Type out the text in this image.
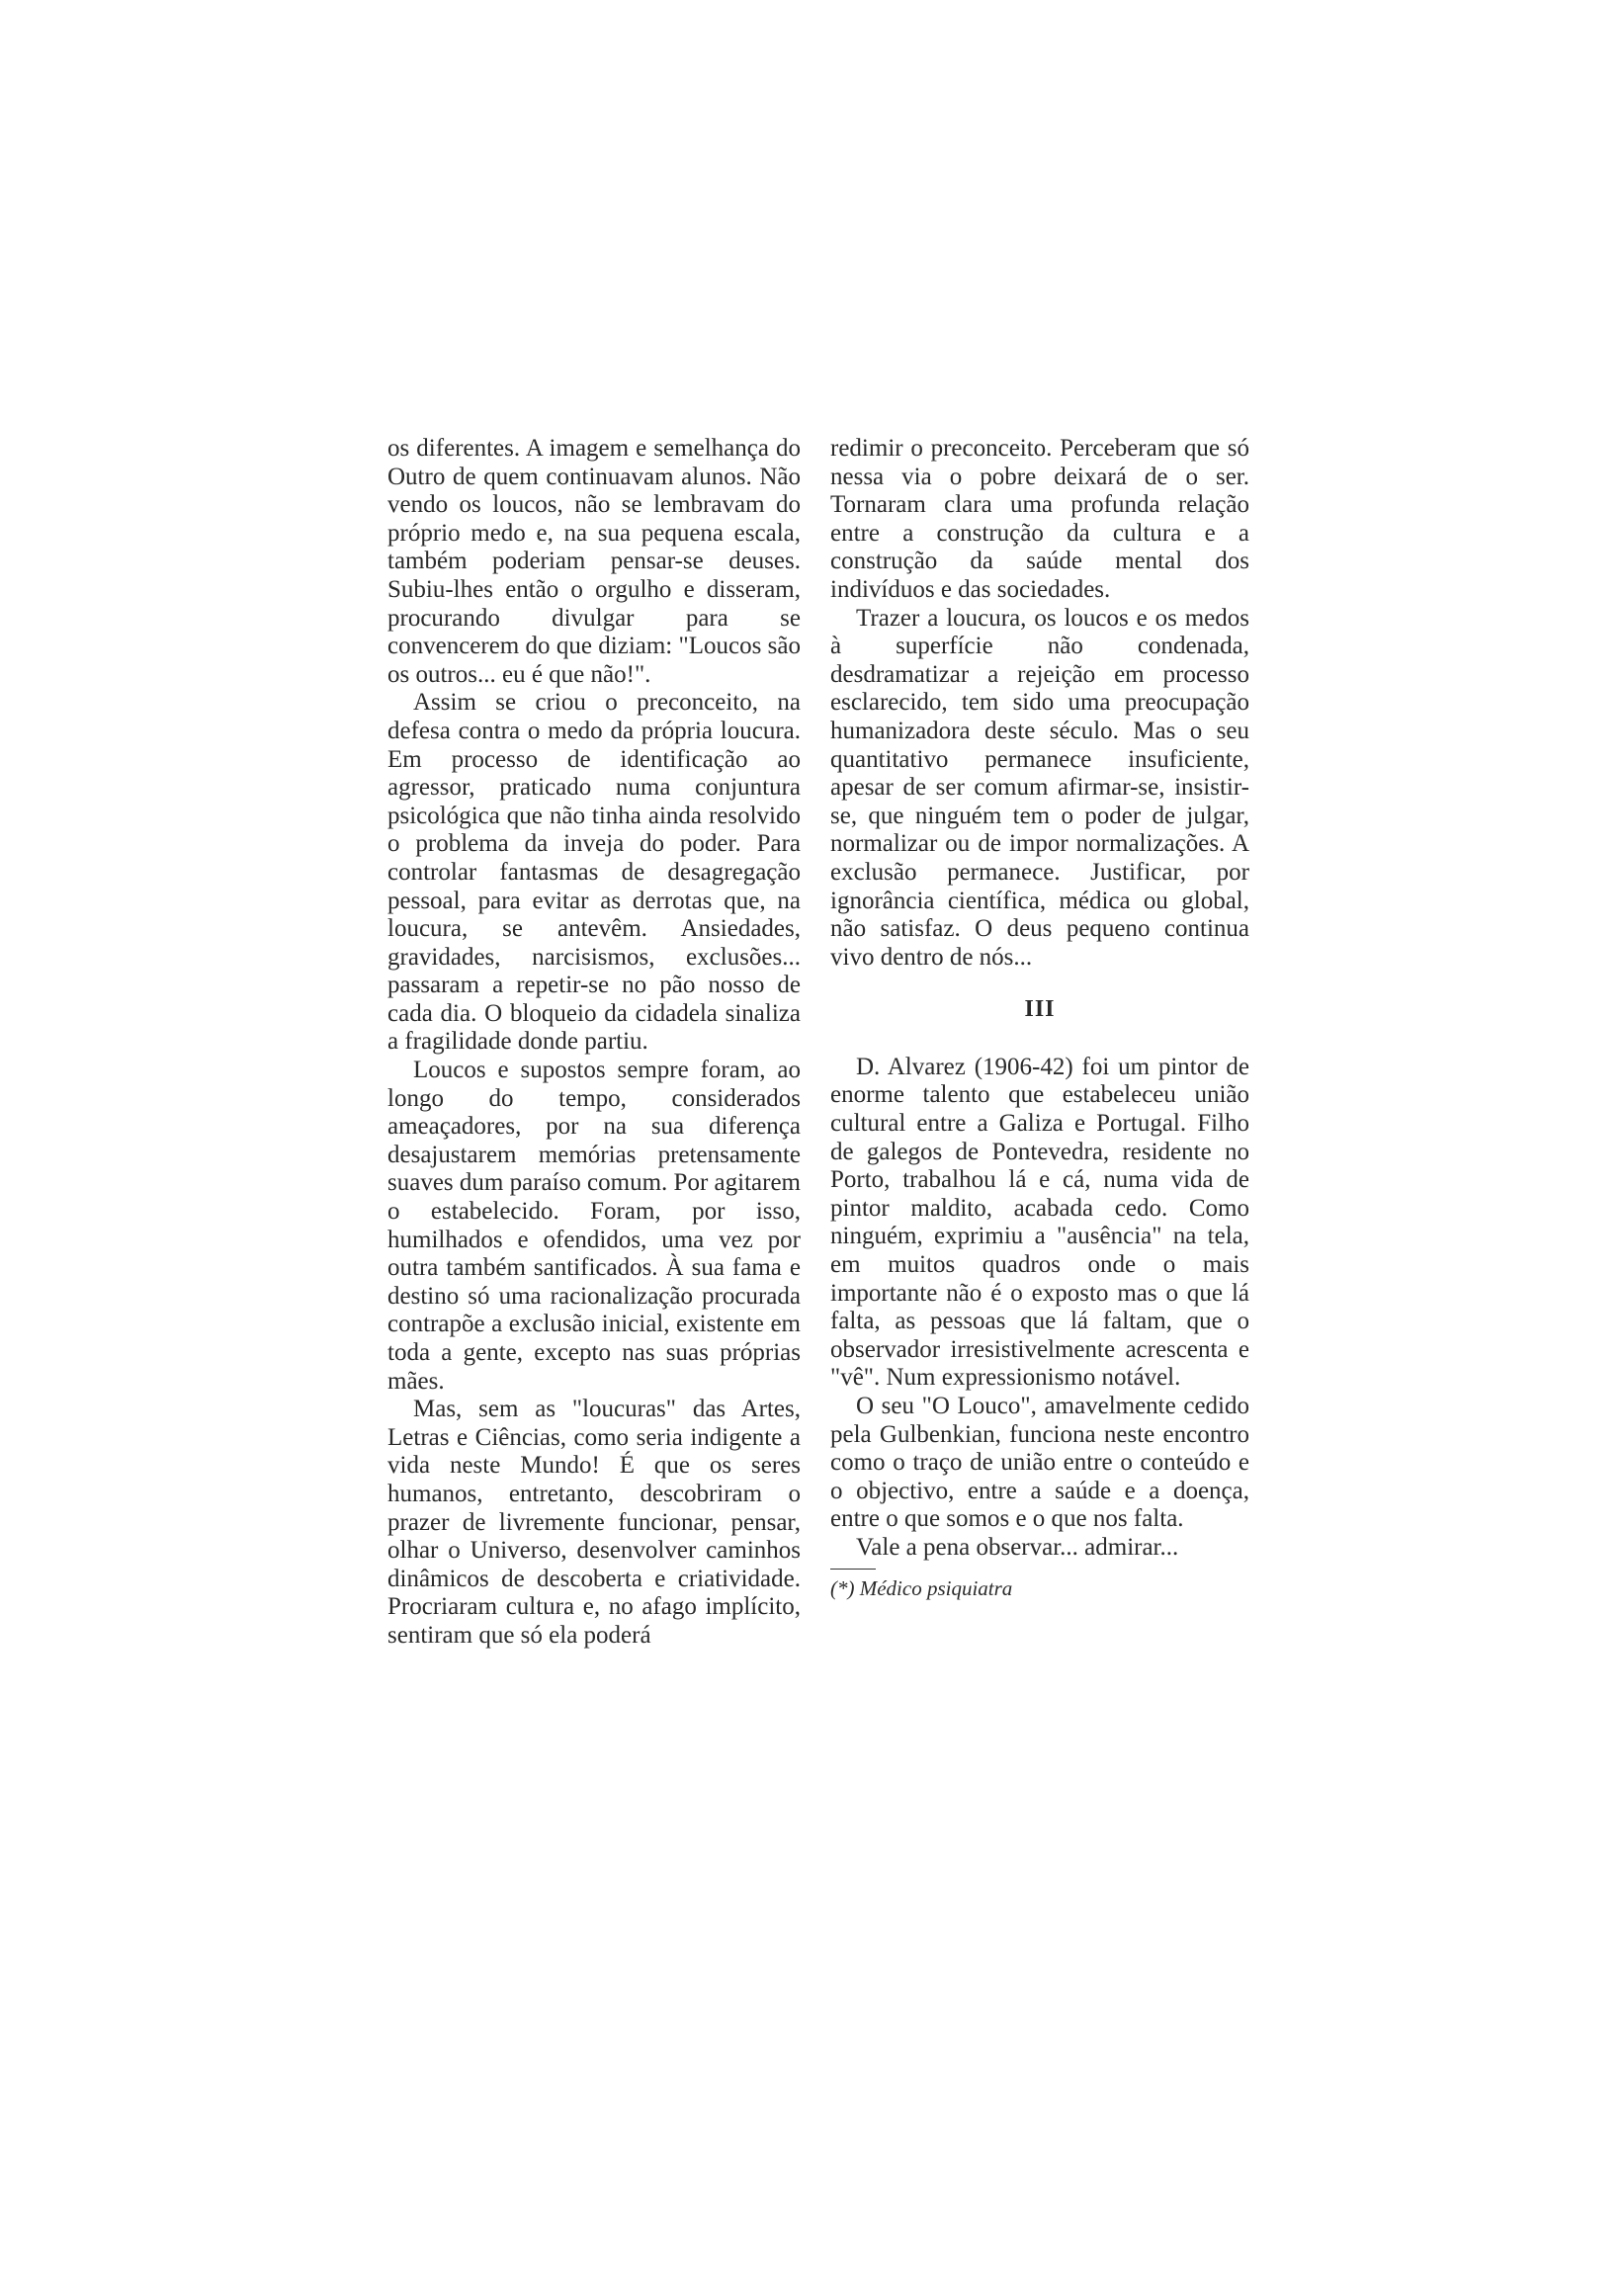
os diferentes. A imagem e semelhança do Outro de quem continuavam alunos. Não vendo os loucos, não se lembravam do próprio medo e, na sua pequena escala, também poderiam pensar-se deuses. Subiu-lhes então o orgulho e disseram, procurando divulgar para se convencerem do que diziam: "Loucos são os outros... eu é que não!".

Assim se criou o preconceito, na defesa contra o medo da própria loucura. Em processo de identificação ao agressor, praticado numa conjuntura psicológica que não tinha ainda resolvido o problema da inveja do poder. Para controlar fantasmas de desagregação pessoal, para evitar as derrotas que, na loucura, se antevêm. Ansiedades, gravidades, narcisismos, exclusões... passaram a repetir-se no pão nosso de cada dia. O bloqueio da cidadela sinaliza a fragilidade donde partiu.

Loucos e supostos sempre foram, ao longo do tempo, considerados ameaçadores, por na sua diferença desajustarem memórias pretensamente suaves dum paraíso comum. Por agitarem o estabelecido. Foram, por isso, humilhados e ofendidos, uma vez por outra também santificados. À sua fama e destino só uma racionalização procurada contrapõe a exclusão inicial, existente em toda a gente, excepto nas suas próprias mães.

Mas, sem as "loucuras" das Artes, Letras e Ciências, como seria indigente a vida neste Mundo! É que os seres humanos, entretanto, descobriram o prazer de livremente funcionar, pensar, olhar o Universo, desenvolver caminhos dinâmicos de descoberta e criatividade. Procriaram cultura e, no afago implícito, sentiram que só ela poderá

redimir o preconceito. Perceberam que só nessa via o pobre deixará de o ser. Tornaram clara uma profunda relação entre a construção da cultura e a construção da saúde mental dos indivíduos e das sociedades.

Trazer a loucura, os loucos e os medos à superfície não condenada, desdramatizar a rejeição em processo esclarecido, tem sido uma preocupação humanizadora deste século. Mas o seu quantitativo permanece insuficiente, apesar de ser comum afirmar-se, insistir-se, que ninguém tem o poder de julgar, normalizar ou de impor normalizações. A exclusão permanece. Justificar, por ignorância científica, médica ou global, não satisfaz. O deus pequeno continua vivo dentro de nós...

III

D. Alvarez (1906-42) foi um pintor de enorme talento que estabeleceu união cultural entre a Galiza e Portugal. Filho de galegos de Pontevedra, residente no Porto, trabalhou lá e cá, numa vida de pintor maldito, acabada cedo. Como ninguém, exprimiu a "ausência" na tela, em muitos quadros onde o mais importante não é o exposto mas o que lá falta, as pessoas que lá faltam, que o observador irresistivelmente acrescenta e "vê". Num expressionismo notável.

O seu "O Louco", amavelmente cedido pela Gulbenkian, funciona neste encontro como o traço de união entre o conteúdo e o objectivo, entre a saúde e a doença, entre o que somos e o que nos falta.

Vale a pena observar... admirar...

(*) Médico psiquiatra
